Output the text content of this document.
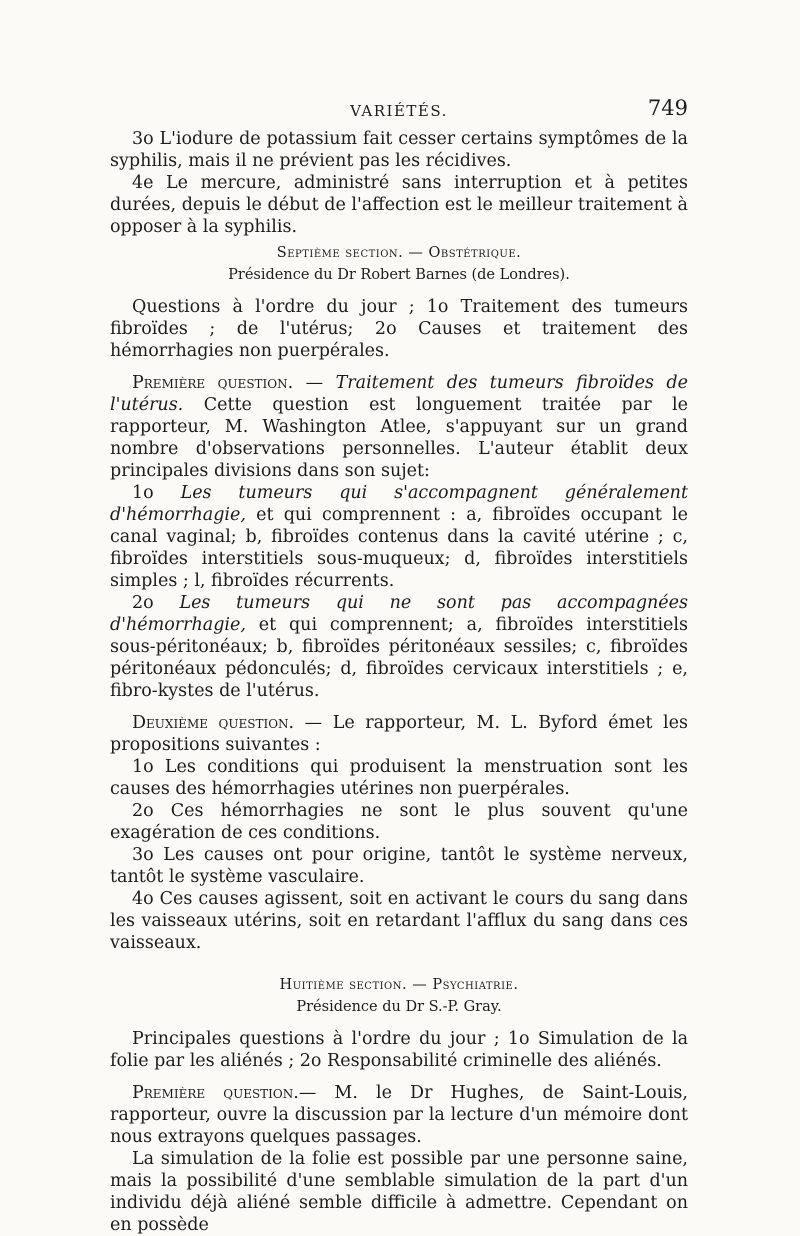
VARIÉTÉS.	749

3o L'iodure de potassium fait cesser certains symptômes de la syphilis, mais il ne prévient pas les récidives.

4e Le mercure, administré sans interruption et à petites durées, depuis le début de l'affection est le meilleur traitement à opposer à la syphilis.

Septième section. — Obstétrique.
Présidence du Dr Robert Barnes (de Londres).

Questions à l'ordre du jour ; 1o Traitement des tumeurs fibroïdes ; de l'utérus; 2o Causes et traitement des hémorrhagies non puerpérales.

Première question. — Traitement des tumeurs fibroïdes de l'utérus. Cette question est longuement traitée par le rapporteur, M. Washington Atlee, s'appuyant sur un grand nombre d'observations personnelles. L'auteur établit deux principales divisions dans son sujet:

1o Les tumeurs qui s'accompagnent généralement d'hémorrhagie, et qui comprennent : a, fibroïdes occupant le canal vaginal; b, fibroïdes contenus dans la cavité utérine ; c, fibroïdes interstitiels sous-muqueux; d, fibroïdes interstitiels simples ; l, fibroïdes récurrents.

2o Les tumeurs qui ne sont pas accompagnées d'hémorrhagie, et qui comprennent; a, fibroïdes interstitiels sous-péritonéaux; b, fibroïdes péritonéaux sessiles; c, fibroïdes péritonéaux pédonculés; d, fibroïdes cervicaux interstitiels ; e, fibro-kystes de l'utérus.

Deuxième question. — Le rapporteur, M. L. Byford émet les propositions suivantes :

1o Les conditions qui produisent la menstruation sont les causes des hémorrhagies utérines non puerpérales.

2o Ces hémorrhagies ne sont le plus souvent qu'une exagération de ces conditions.

3o Les causes ont pour origine, tantôt le système nerveux, tantôt le système vasculaire.

4o Ces causes agissent, soit en activant le cours du sang dans les vaisseaux utérins, soit en retardant l'afflux du sang dans ces vaisseaux.

Huitième section. — Psychiatrie.
Présidence du Dr S.-P. Gray.

Principales questions à l'ordre du jour ; 1o Simulation de la folie par les aliénés ; 2o Responsabilité criminelle des aliénés.

Première question.— M. le Dr Hughes, de Saint-Louis, rapporteur, ouvre la discussion par la lecture d'un mémoire dont nous extrayons quelques passages.

La simulation de la folie est possible par une personne saine, mais la possibilité d'une semblable simulation de la part d'un individu déjà aliéné semble difficile à admettre. Cependant on en possède
